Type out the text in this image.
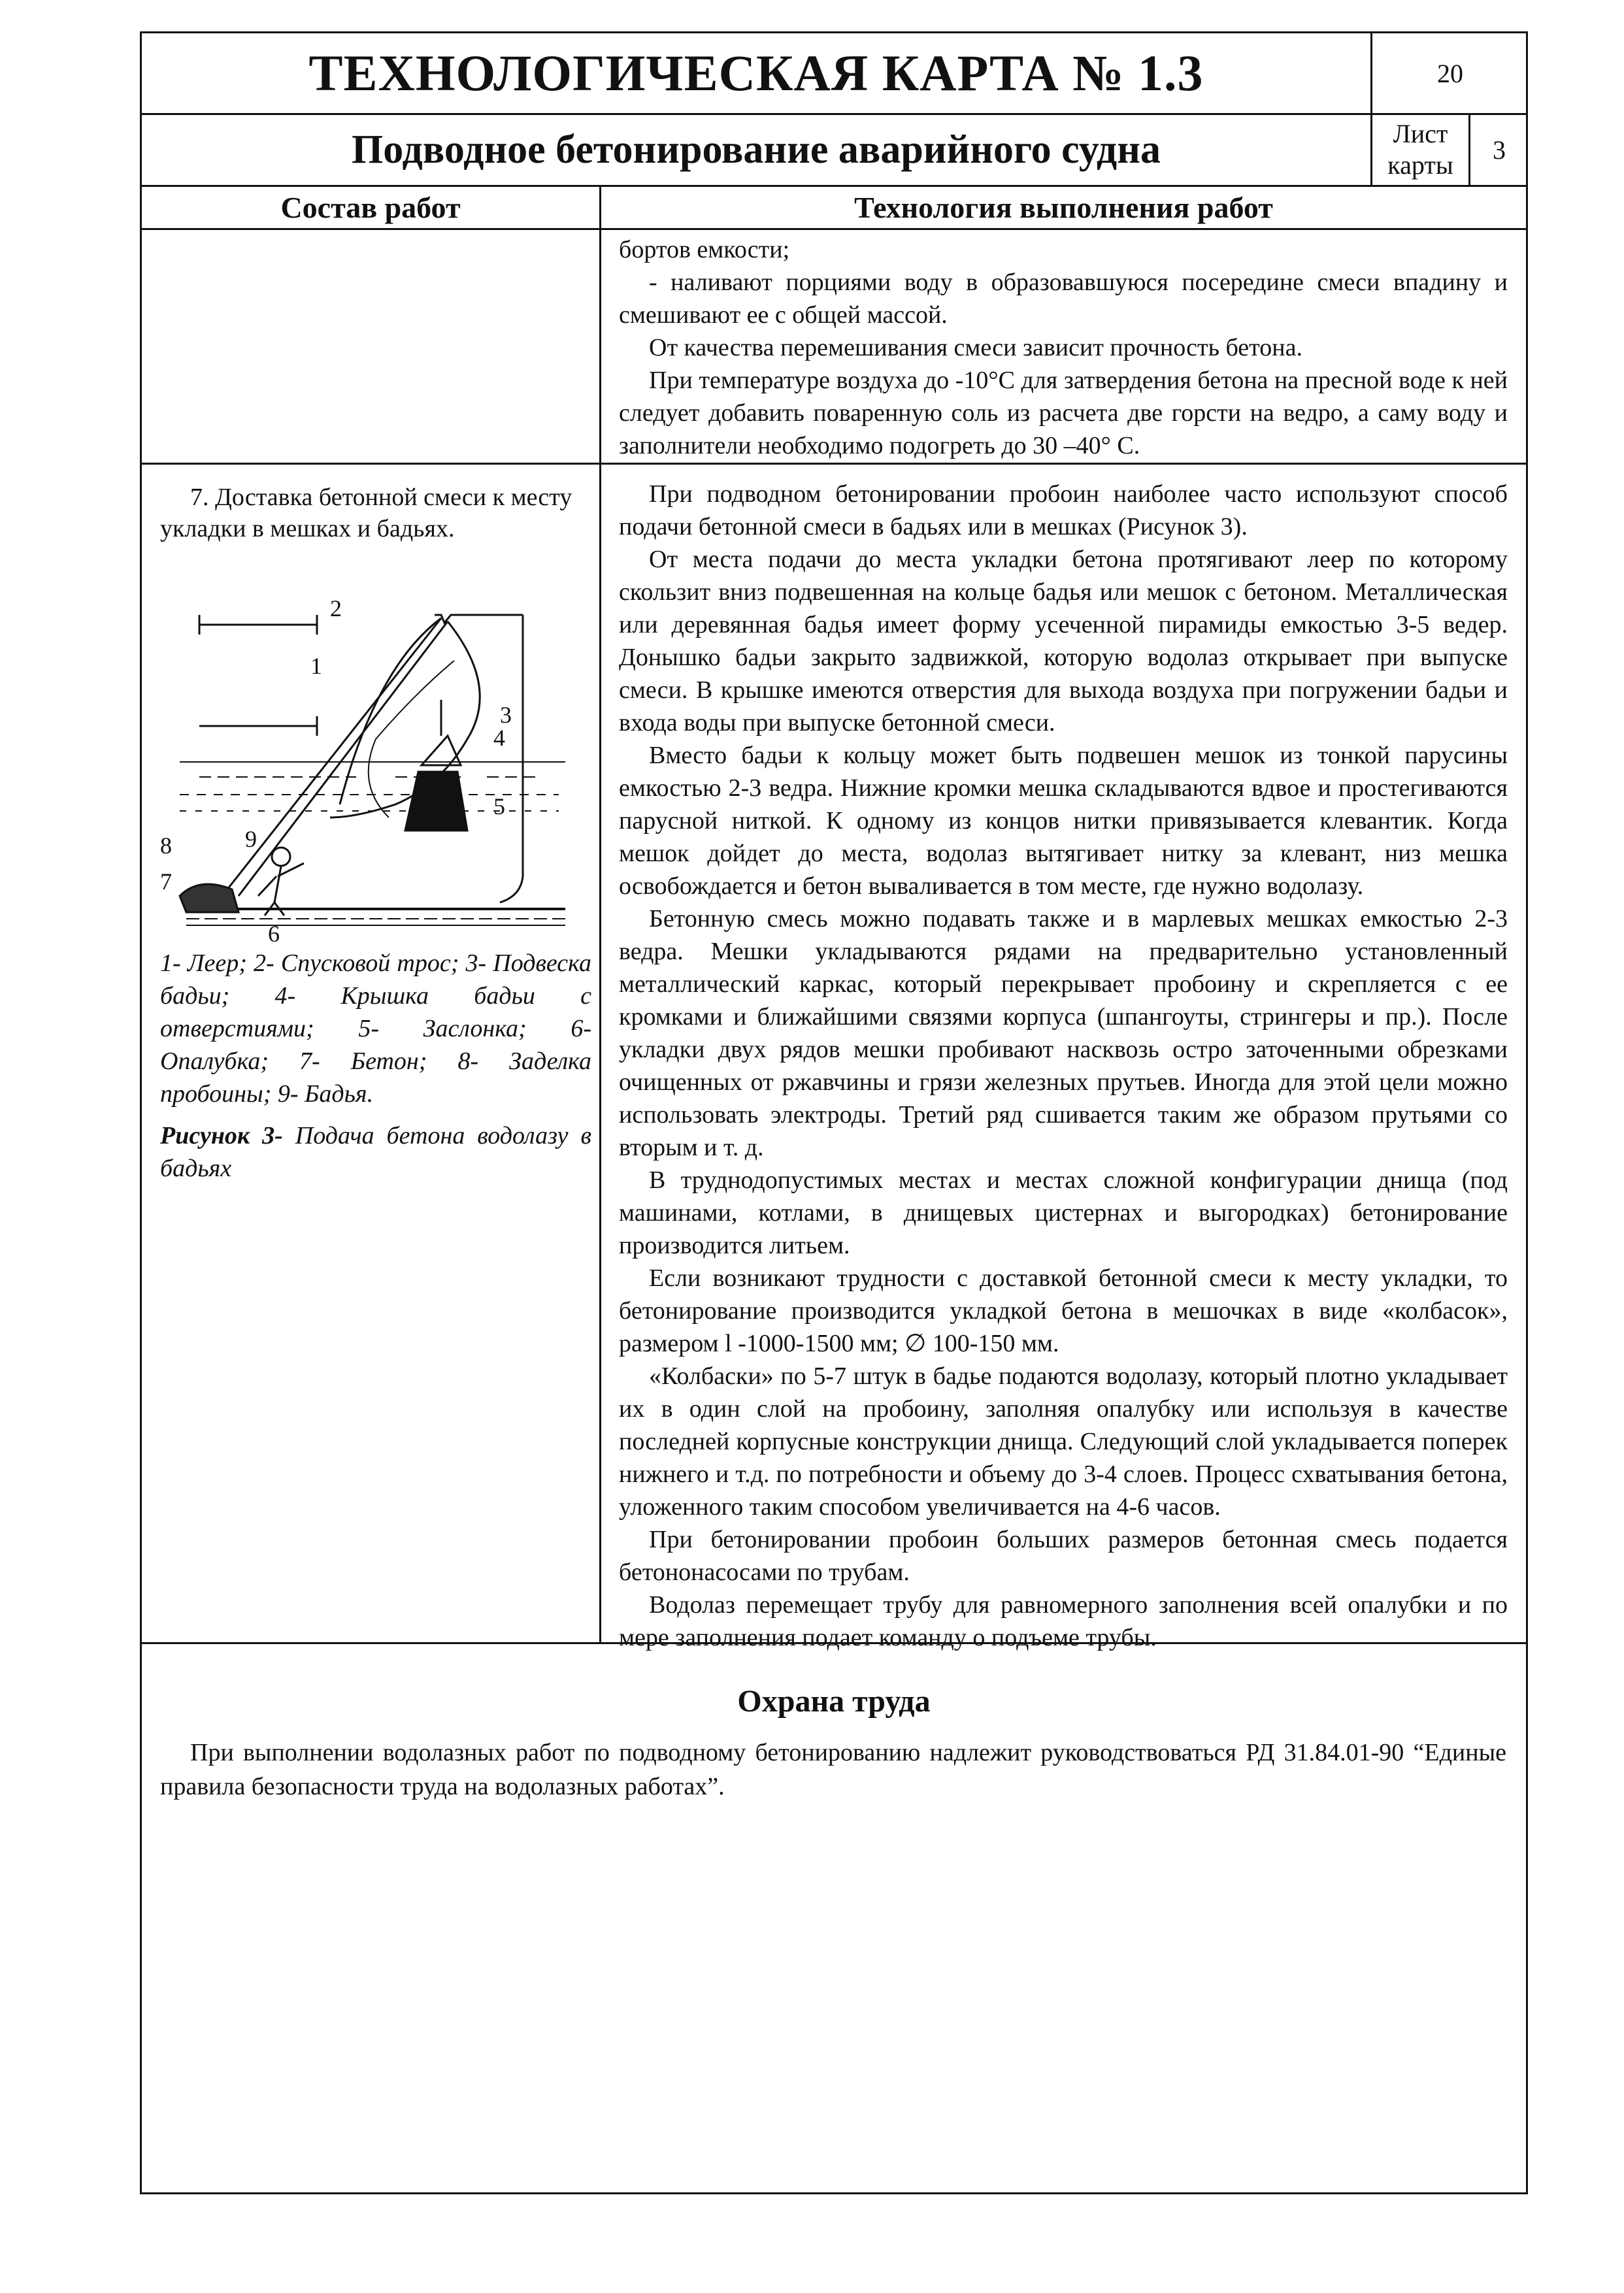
ТЕХНОЛОГИЧЕСКАЯ КАРТА № 1.3
Подводное бетонирование аварийного судна
20
Лист
карты
3
Состав работ	Технология выполнения работ

бортов емкости;

- наливают порциями воду в образовавшуюся посередине смеси впадину и смешивают ее с общей массой.

От качества перемешивания смеси зависит прочность бетона.

При температуре воздуха до -10°С для затвердения бетона на пресной воде к ней следует добавить поваренную соль из расчета две горсти на ведро, а саму воду и заполнители необходимо подогреть до 30 –40° С.

7. Доставка бетонной смеси к месту укладки в мешках и бадьях.

2
1
3
4
5
6
7
8	9

1- Леер; 2- Спусковой трос; 3- Подвеска бадьи; 4- Крышка бадьи с отверстиями; 5- Заслонка; 6- Опалубка; 7- Бетон; 8- Заделка пробоины; 9- Бадья.

Рисунок 3- Подача бетона водолазу в бадьях

При подводном бетонировании пробоин наиболее часто используют способ подачи бетонной смеси в бадьях или в мешках (Рисунок 3).

От места подачи до места укладки бетона протягивают леер по которому скользит вниз подвешенная на кольце бадья или мешок с бетоном. Металлическая или деревянная бадья имеет форму усеченной пирамиды емкостью 3-5 ведер. Донышко бадьи закрыто задвижкой, которую водолаз открывает при выпуске смеси. В крышке имеются отверстия для выхода воздуха при погружении бадьи и входа воды при выпуске бетонной смеси.

Вместо бадьи к кольцу может быть подвешен мешок из тонкой парусины емкостью 2-3 ведра. Нижние кромки мешка складываются вдвое и простегиваются парусной ниткой. К одному из концов нитки привязывается клевантик. Когда мешок дойдет до места, водолаз вытягивает нитку за клевант, низ мешка освобождается и бетон вываливается в том месте, где нужно водолазу.

Бетонную смесь можно подавать также и в марлевых мешках емкостью 2-3 ведра. Мешки укладываются рядами на предварительно установленный металлический каркас, который перекрывает пробоину и скрепляется с ее кромками и ближайшими связями корпуса (шпангоуты, стрингеры и пр.). После укладки двух рядов мешки пробивают насквозь остро заточенными обрезками очищенных от ржавчины и грязи железных прутьев. Иногда для этой цели можно использовать электроды. Третий ряд сшивается таким же образом прутьями со вторым и т. д.

В труднодопустимых местах и местах сложной конфигурации днища (под машинами, котлами, в днищевых цистернах и выгородках) бетонирование производится литьем.

Если возникают трудности с доставкой бетонной смеси к месту укладки, то бетонирование производится укладкой бетона в мешочках в виде «колбасок», размером l -1000-1500 мм; ∅ 100-150 мм.

«Колбаски» по 5-7 штук в бадье подаются водолазу, который плотно укладывает их в один слой на пробоину, заполняя опалубку или используя в качестве последней корпусные конструкции днища. Следующий слой укладывается поперек нижнего и т.д. по потребности и объему до 3-4 слоев. Процесс схватывания бетона, уложенного таким способом увеличивается на 4-6 часов.

При бетонировании пробоин больших размеров бетонная смесь подается бетононасосами по трубам.

Водолаз перемещает трубу для равномерного заполнения всей опалубки и по мере заполнения подает команду о подъеме трубы.

Охрана труда

При выполнении водолазных работ по подводному бетонированию надлежит руководствоваться РД 31.84.01-90 “Единые правила безопасности труда на водолазных работах”.
